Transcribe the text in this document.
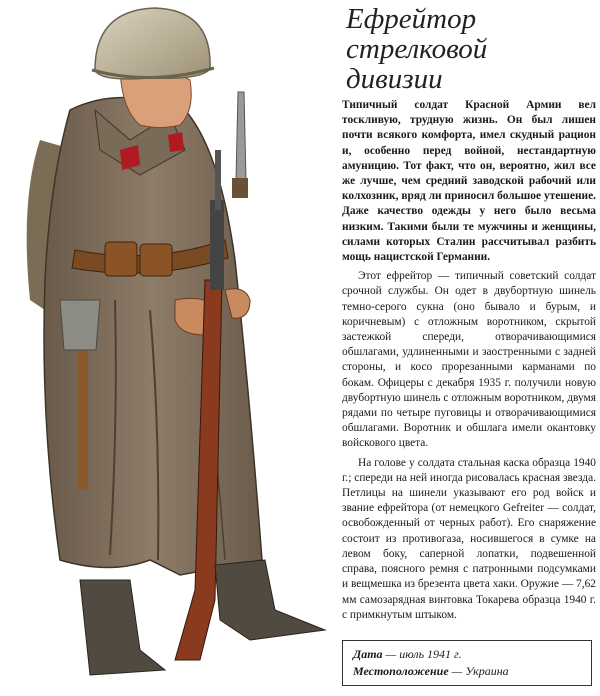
Ефрейтор
стрелковой
дивизии

Типичный солдат Красной Армии вел тоскливую, трудную жизнь. Он был лишен почти всякого комфорта, имел скудный рацион и, особенно перед войной, нестандартную амуницию. Тот факт, что он, вероятно, жил все же лучше, чем средний заводской рабочий или колхозник, вряд ли приносил большое утешение. Даже качество одежды у него было весьма низким. Такими были те мужчины и женщины, силами которых Сталин рассчитывал разбить мощь нацистской Германии.

Этот ефрейтор — типичный советский солдат срочной службы. Он одет в двубортную шинель темно-серого сукна (оно бывало и бурым, и коричневым) с отложным воротником, скрытой застежкой спереди, отворачивающимися обшлагами, удлиненными и заостренными с задней стороны, и косо прорезанными карманами по бокам. Офицеры с декабря 1935 г. получили новую двубортную шинель с отложным воротником, двумя рядами по четыре пуговицы и отворачивающимися обшлагами. Воротник и обшлага имели окантовку войскового цвета.

На голове у солдата стальная каска образца 1940 г.; спереди на ней иногда рисовалась красная звезда. Петлицы на шинели указывают его род войск и звание ефрейтора (от немецкого Gefreiter — солдат, освобожденный от черных работ). Его снаряжение состоит из противогаза, носившегося в сумке на левом боку, саперной лопатки, подвешенной справа, поясного ремня с патронными подсумками и вещмешка из брезента цвета хаки. Оружие — 7,62 мм самозарядная винтовка Токарева образца 1940 г. с примкнутым штыком.

Дата — июль 1941 г.
Местоположение — Украина
